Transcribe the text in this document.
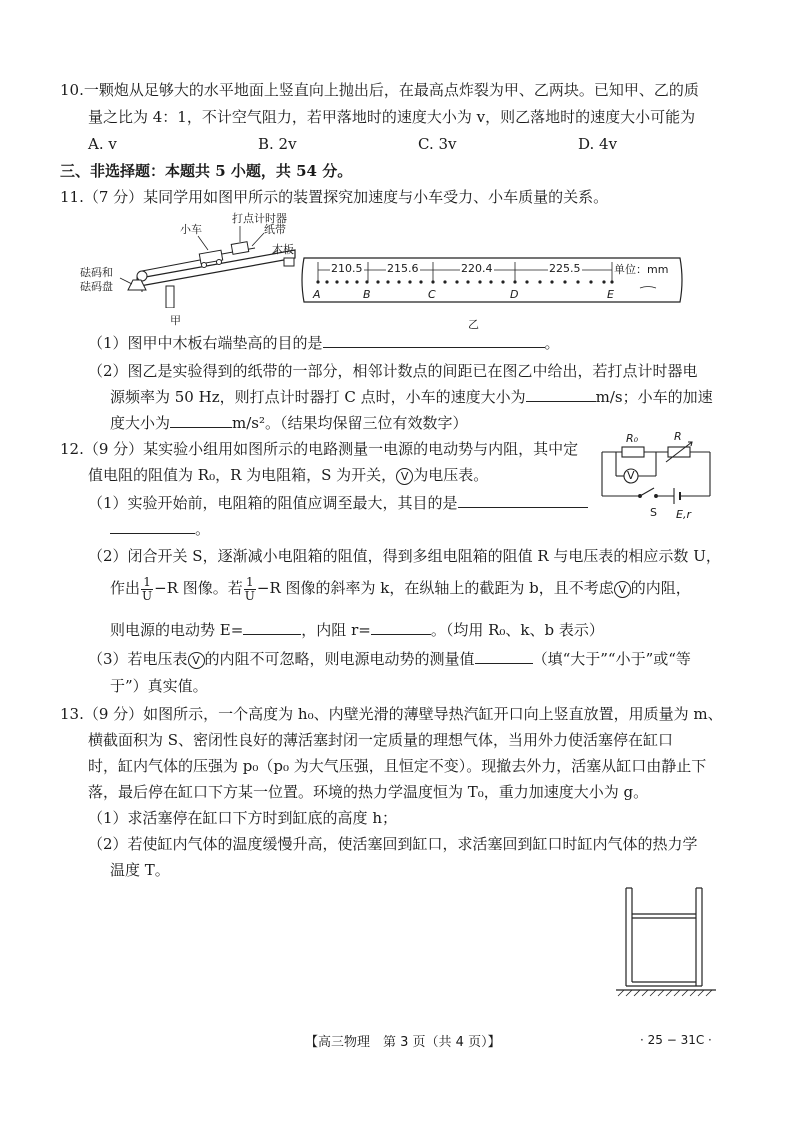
10.一颗炮从足够大的水平地面上竖直向上抛出后，在最高点炸裂为甲、乙两块。已知甲、乙的质
量之比为 4：1，不计空气阻力，若甲落地时的速度大小为 v，则乙落地时的速度大小可能为
A. v	B. 2v	C. 3v	D. 4v
三、非选择题：本题共 5 小题，共 54 分。
11.（7 分）某同学用如图甲所示的装置探究加速度与小车受力、小车质量的关系。
打点计时器
小车	纸带
木板
砝码和
砝码盘
甲
210.5 215.6	220.4	225.5	单位：mm
A	B	C	D	E
乙
（1）图甲中木板右端垫高的目的是	。
（2）图乙是实验得到的纸带的一部分，相邻计数点的间距已在图乙中给出，若打点计时器电
源频率为 50 Hz，则打点计时器打 C 点时，小车的速度大小为	m/s；小车的加速
度大小为	m/s²。（结果均保留三位有效数字）
12.（9 分）某实验小组用如图所示的电路测量一电源的电动势与内阻，其中定
值电阻的阻值为 R₀，R 为电阻箱，S 为开关， V 为电压表。
R₀	R
V
S E,r
（1）实验开始前，电阻箱的阻值应调至最大，其目的是
。
（2）闭合开关 S，逐渐减小电阻箱的阻值，得到多组电阻箱的阻值 R 与电压表的相应示数 U，
作出 $\frac{1}{U} -R$ 图像。若 $\frac{1}{U} -R$ 图像的斜率为 k，在纵轴上的截距为 b，且不考虑 V 的内阻，
则电源的电动势 E=	，内阻 r=	。（均用 R₀、k、b 表示）
（3）若电压表 V 的内阻不可忽略，则电源电动势的测量值	（填“大于”“小于”或“等
于”）真实值。
13.（9 分）如图所示，一个高度为 h₀、内壁光滑的薄壁导热汽缸开口向上竖直放置，用质量为 m、
横截面积为 S、密闭性良好的薄活塞封闭一定质量的理想气体，当用外力使活塞停在缸口
时，缸内气体的压强为 p₀（p₀ 为大气压强，且恒定不变）。现撤去外力，活塞从缸口由静止下
落，最后停在缸口下方某一位置。环境的热力学温度恒为 T₀，重力加速度大小为 g。
（1）求活塞停在缸口下方时到缸底的高度 h；
（2）若使缸内气体的温度缓慢升高，使活塞回到缸口，求活塞回到缸口时缸内气体的热力学
温度 T。
【高三物理　第 3 页（共 4 页）】	· 25 − 31C ·
